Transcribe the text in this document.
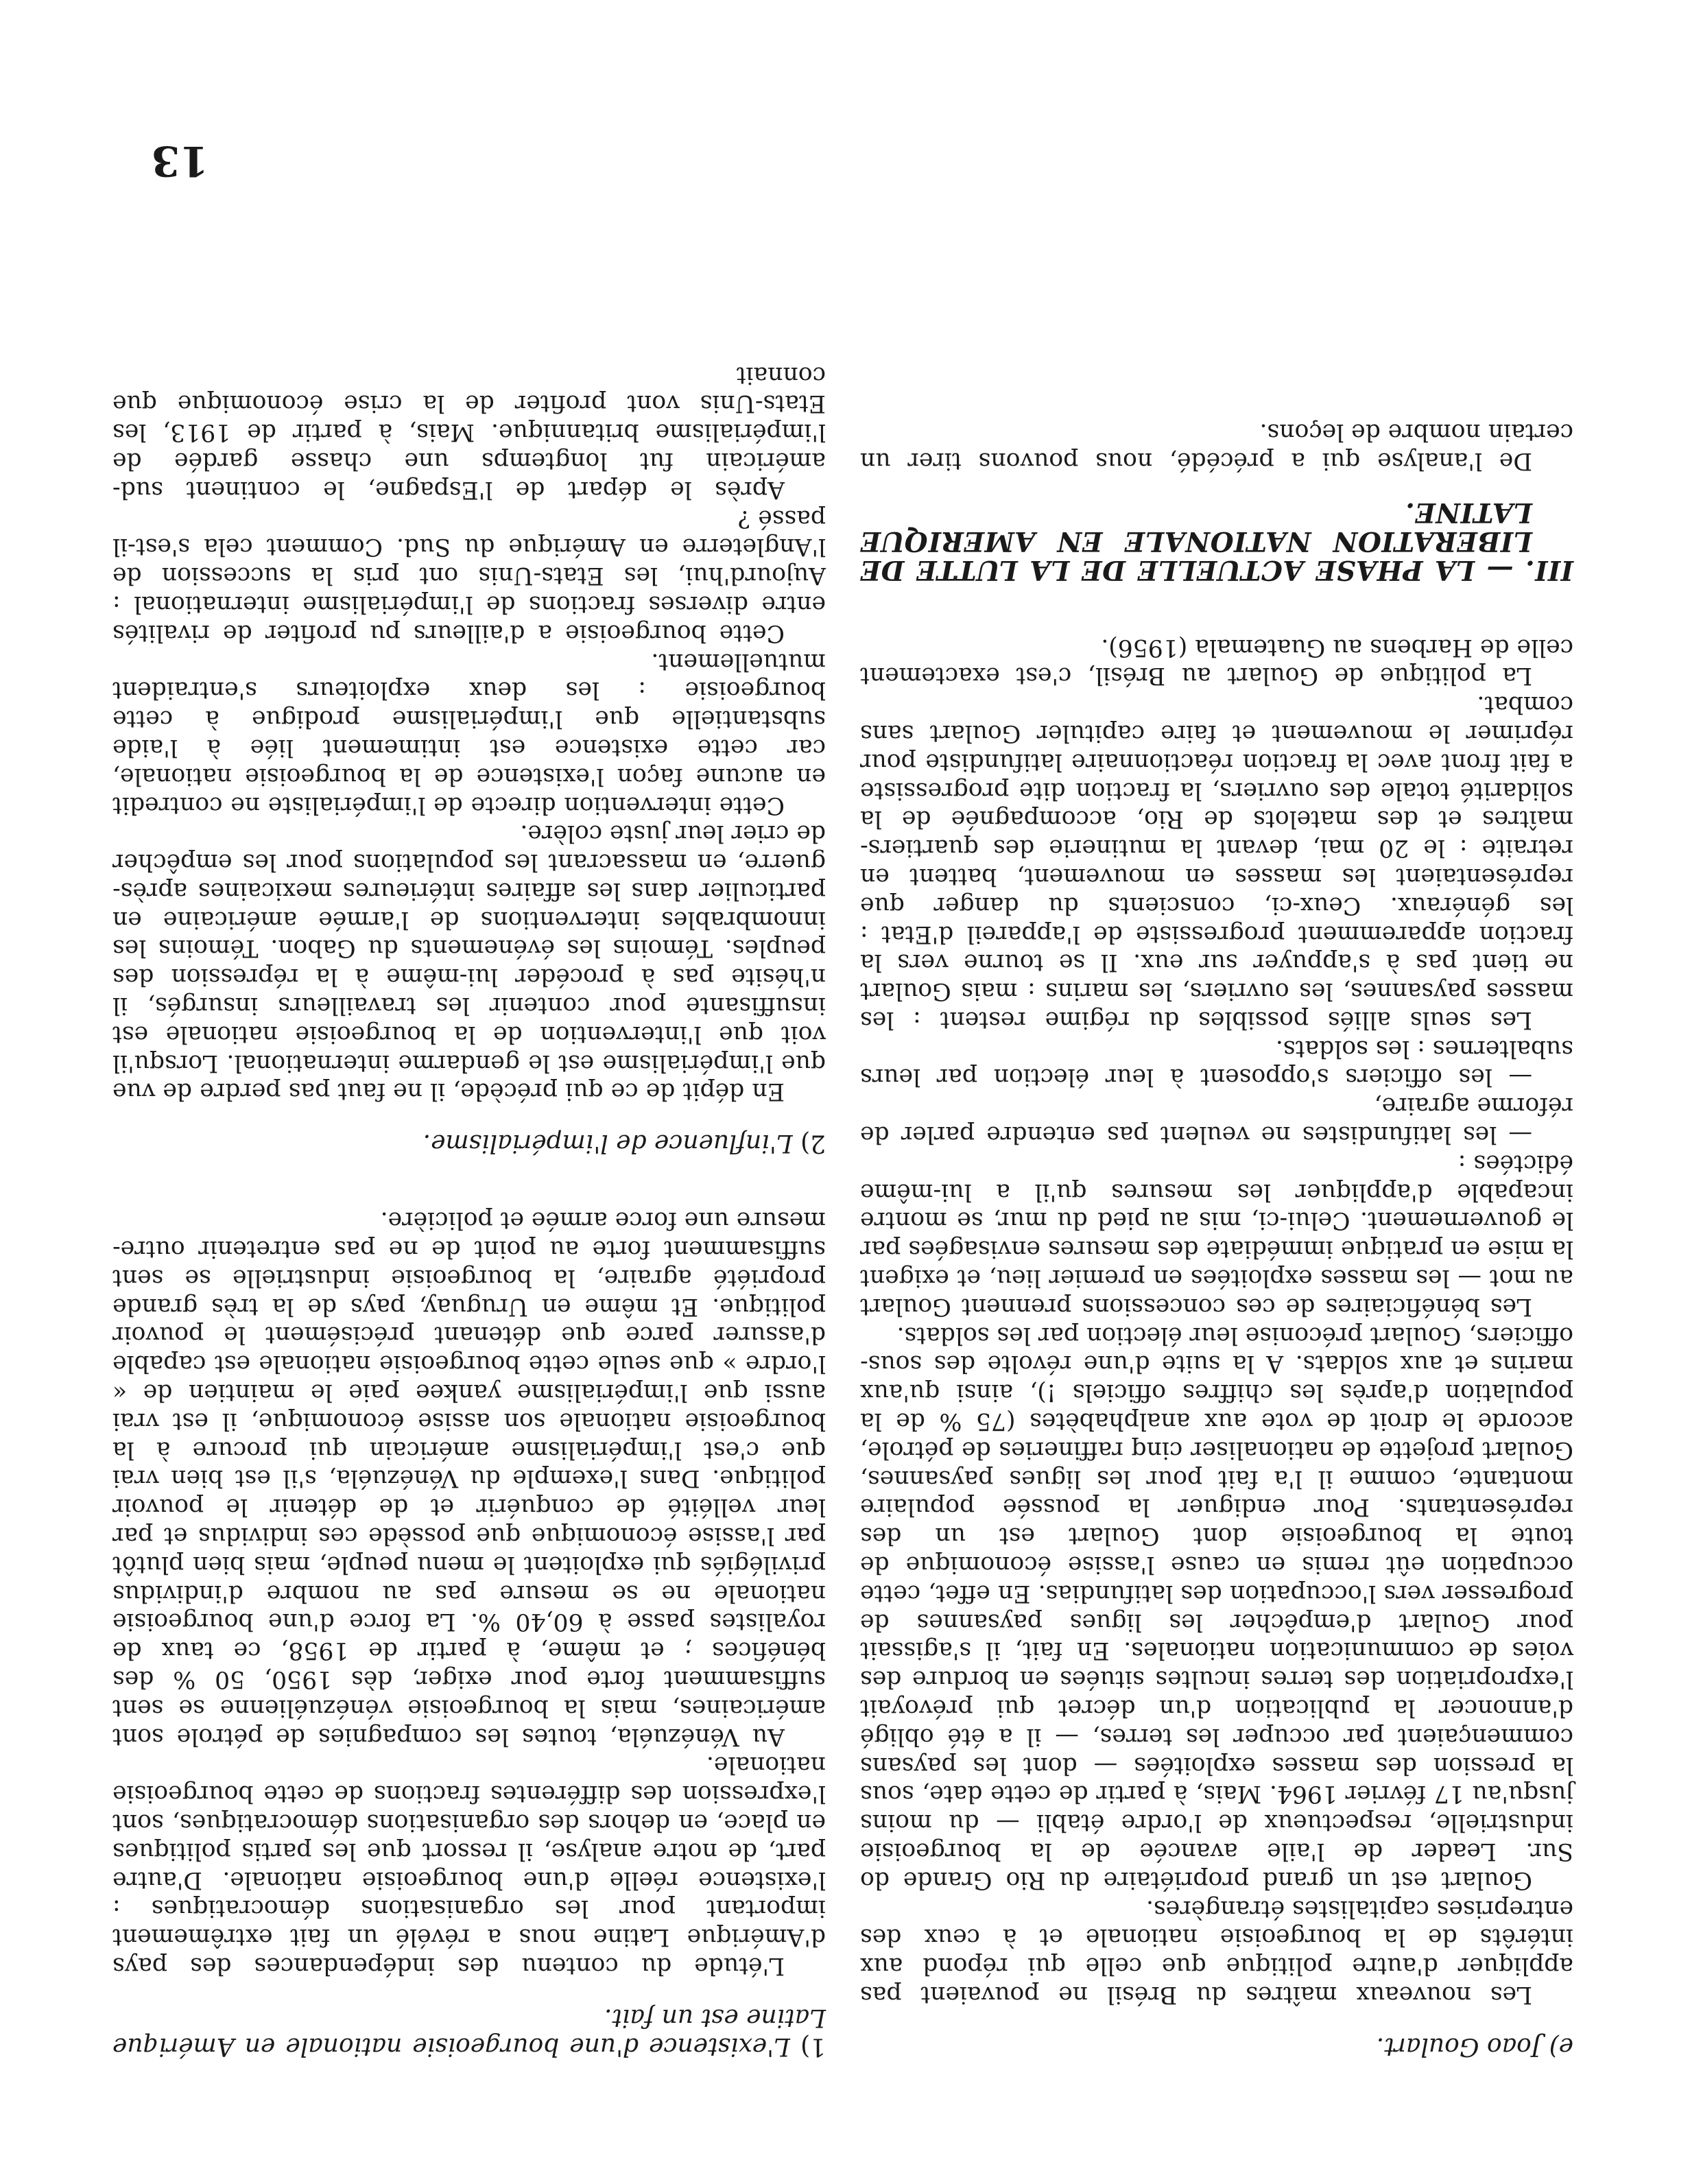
e) Joao Goulart.

Les nouveaux maîtres du Brésil ne pouvaient pas appliquer d'autre politique que celle qui répond aux intérêts de la bourgeoisie nationale et à ceux des entreprises capitalistes étrangères.

Goulart est un grand propriétaire du Rio Grande do Sur. Leader de l'aile avancée de la bourgeoisie industrielle, respectueux de l'ordre établi — du moins jusqu'au 17 février 1964. Mais, à partir de cette date, sous la pression des masses exploitées — dont les paysans commençaient par occuper les terres, — il a été obligé d'annoncer la publication d'un décret qui prévoyait l'expropriation des terres incultes situées en bordure des voies de communication nationales. En fait, il s'agissait pour Goulart d'empêcher les ligues paysannes de progresser vers l'occupation des latifundias. En effet, cette occupation eût remis en cause l'assise économique de toute la bourgeoisie dont Goulart est un des représentants. Pour endiguer la poussée populaire montante, comme il l'a fait pour les ligues paysannes, Goulart projette de nationaliser cinq raffineries de pétrole, accorde le droit de vote aux analphabètes (75 % de la population d'après les chiffres officiels !), ainsi qu'aux marins et aux soldats. A la suite d'une révolte des sous-officiers, Goulart préconise leur élection par les soldats.

Les bénéficiaires de ces concessions prennent Goulart au mot — les masses exploitées en premier lieu, et exigent la mise en pratique immédiate des mesures envisagées par le gouvernement. Celui-ci, mis au pied du mur, se montre incapable d'appliquer les mesures qu'il a lui-même édictées :

— les latifundistes ne veulent pas entendre parler de réforme agraire,

— les officiers s'opposent à leur élection par leurs subalternes : les soldats.

Les seuls alliés possibles du régime restent : les masses paysannes, les ouvriers, les marins : mais Goulart ne tient pas à s'appuyer sur eux. Il se tourne vers la fraction apparemment progressiste de l'appareil d'Etat : les généraux. Ceux-ci, conscients du danger que représentaient les masses en mouvement, battent en retraite : le 20 mai, devant la mutinerie des quartiers-maîtres et des matelots de Rio, accompagnée de la solidarité totale des ouvriers, la fraction dite progressiste a fait front avec la fraction réactionnaire latifundiste pour réprimer le mouvement et faire capituler Goulart sans combat.

La politique de Goulart au Brésil, c'est exactement celle de Harbens au Guatemala (1956).

III. — LA PHASE ACTUELLE DE LA LUTTE DE LIBERATION NATIONALE EN AMERIQUE LATINE.

De l'analyse qui a précédé, nous pouvons tirer un certain nombre de leçons.

1) L'existence d'une bourgeoisie nationale en Amérique Latine est un fait.

L'étude du contenu des indépendances des pays d'Amérique Latine nous a révélé un fait extrêmement important pour les organisations démocratiques : l'existence réelle d'une bourgeoisie nationale. D'autre part, de notre analyse, il ressort que les partis politiques en place, en dehors des organisations démocratiques, sont l'expression des différentes fractions de cette bourgeoisie nationale.

Au Vénézuéla, toutes les compagnies de pétrole sont américaines, mais la bourgeoisie vénézuélienne se sent suffisamment forte pour exiger, dès 1950, 50 % des bénéfices ; et même, à partir de 1958, ce taux de royalistes passe à 60,40 %. La force d'une bourgeoisie nationale ne se mesure pas au nombre d'individus privilégiés qui exploitent le menu peuple, mais bien plutôt par l'assise économique que possède ces individus et par leur velléité de conquérir et de détenir le pouvoir politique. Dans l'exemple du Vénézuéla, s'il est bien vrai que c'est l'impérialisme américain qui procure à la bourgeoisie nationale son assise économique, il est vrai aussi que l'impérialisme yankee paie le maintien de « l'ordre » que seule cette bourgeoisie nationale est capable d'assurer parce que détenant précisément le pouvoir politique. Et même en Uruguay, pays de la très grande propriété agraire, la bourgeoisie industrielle se sent suffisamment forte au point de ne pas entretenir outre-mesure une force armée et policière.

2) L'influence de l'impérialisme.

En dépit de ce qui précède, il ne faut pas perdre de vue que l'impérialisme est le gendarme international. Lorsqu'il voit que l'intervention de la bourgeoisie nationale est insuffisante pour contenir les travailleurs insurgés, il n'hésite pas à procéder lui-même à la répression des peuples. Témoins les événements du Gabon. Témoins les innombrables interventions de l'armée américaine en particulier dans les affaires intérieures mexicaines après-guerre, en massacrant les populations pour les empêcher de crier leur juste colère.

Cette intervention directe de l'impérialiste ne contredit en aucune façon l'existence de la bourgeoisie nationale, car cette existence est intimement liée à l'aide substantielle que l'impérialisme prodigue à cette bourgeoisie : les deux exploiteurs s'entraident mutuellement.

Cette bourgeoisie a d'ailleurs pu profiter de rivalités entre diverses fractions de l'impérialisme international : Aujourd'hui, les Etats-Unis ont pris la succession de l'Angleterre en Amérique du Sud. Comment cela s'est-il passé ?

Après le départ de l'Espagne, le continent sud-américain fut longtemps une chasse gardée de l'impérialisme britannique. Mais, à partir de 1913, les Etats-Unis vont profiter de la crise économique que connait

13
